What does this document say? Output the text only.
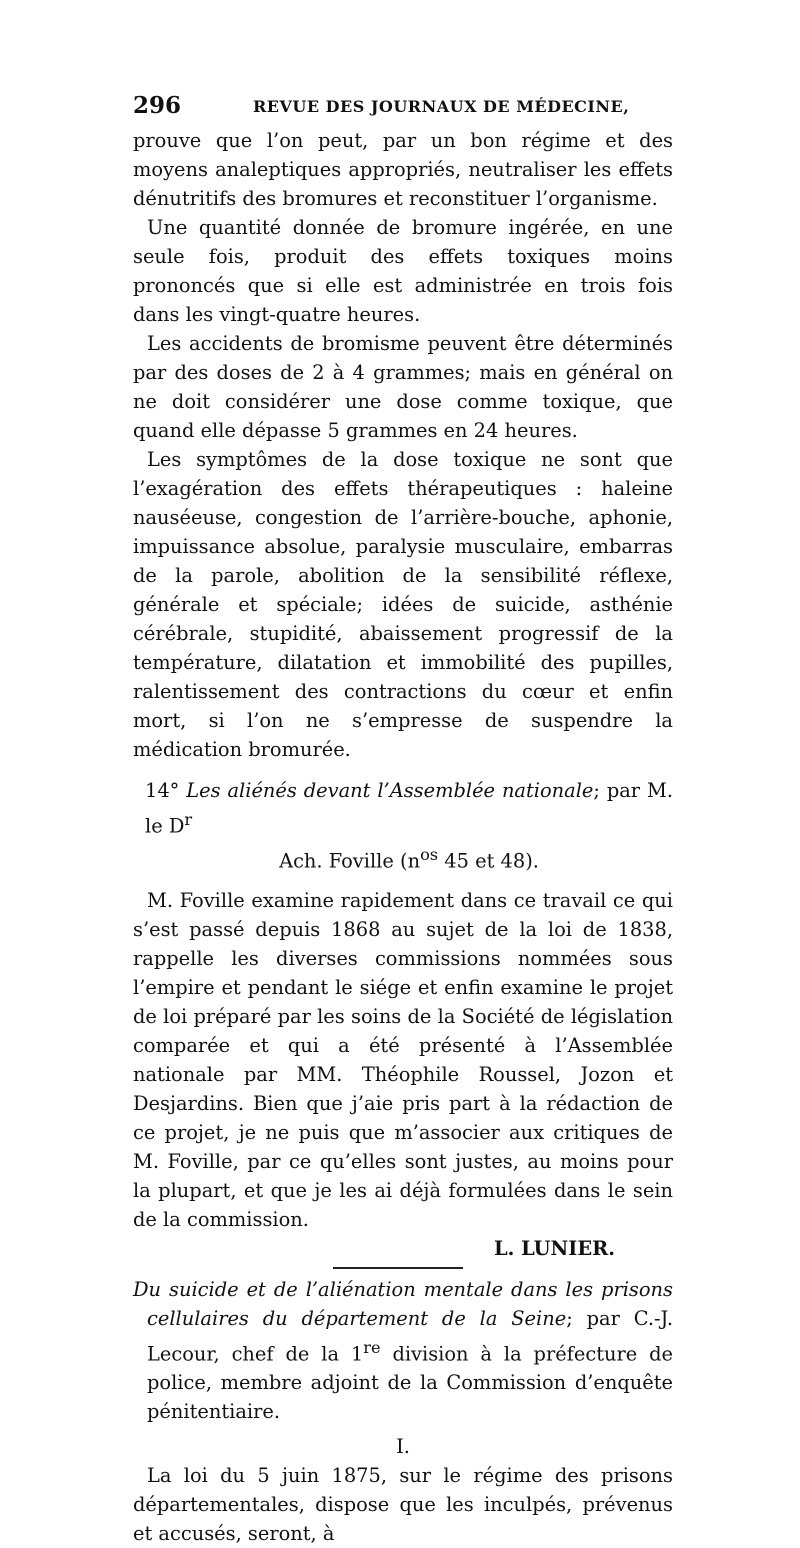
296	REVUE DES JOURNAUX DE MÉDECINE,

prouve que l’on peut, par un bon régime et des moyens analeptiques appropriés, neutraliser les effets dénutritifs des bromures et reconstituer l’organisme.

Une quantité donnée de bromure ingérée, en une seule fois, produit des effets toxiques moins prononcés que si elle est administrée en trois fois dans les vingt-quatre heures.

Les accidents de bromisme peuvent être déterminés par des doses de 2 à 4 grammes; mais en général on ne doit considérer une dose comme toxique, que quand elle dépasse 5 grammes en 24 heures.

Les symptômes de la dose toxique ne sont que l’exagération des effets thérapeutiques : haleine nauséeuse, congestion de l’arrière-bouche, aphonie, impuissance absolue, paralysie musculaire, embarras de la parole, abolition de la sensibilité réflexe, générale et spéciale; idées de suicide, asthénie cérébrale, stupidité, abaissement progressif de la température, dilatation et immobilité des pupilles, ralentissement des contractions du cœur et enfin mort, si l’on ne s’empresse de suspendre la médication bromurée.

14° Les aliénés devant l’Assemblée nationale; par M. le $D^r$
Ach. Foville ($n^{os}$ 45 et 48).

M. Foville examine rapidement dans ce travail ce qui s’est passé depuis 1868 au sujet de la loi de 1838, rappelle les diverses commissions nommées sous l’empire et pendant le siége et enfin examine le projet de loi préparé par les soins de la Société de législation comparée et qui a été présenté à l’Assemblée nationale par MM. Théophile Roussel, Jozon et Desjardins. Bien que j’aie pris part à la rédaction de ce projet, je ne puis que m’associer aux critiques de M. Foville, par ce qu’elles sont justes, au moins pour la plupart, et que je les ai déjà formulées dans le sein de la commission.

L. LUNIER.

Du suicide et de l’aliénation mentale dans les prisons cellulaires du département de la Seine; par C.-J. Lecour, chef de la 1re division à la préfecture de police, membre adjoint de la Commission d’enquête pénitentiaire.

I.

La loi du 5 juin 1875, sur le régime des prisons départementales, dispose que les inculpés, prévenus et accusés, seront, à
